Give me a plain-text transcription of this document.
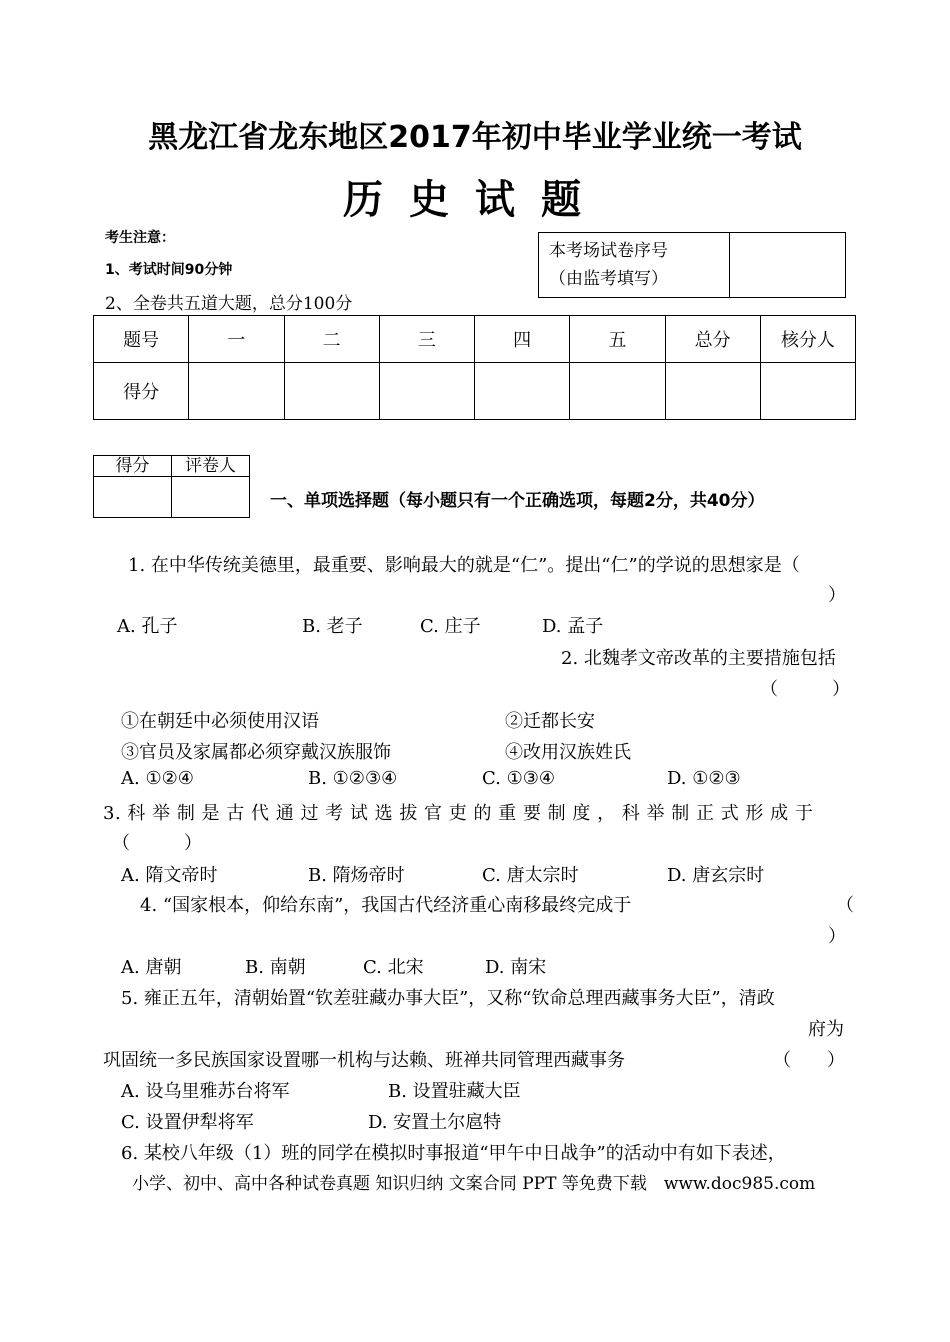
黑龙江省龙东地区2017年初中毕业学业统一考试
历史试题
考生注意：
1、考试时间90分钟
2、全卷共五道大题，总分100分
本考场试卷序号
（由监考填写）

题号	一	二	三	四	五	总分	核分人
得分							
得分	评卷人

一、单项选择题（每小题只有一个正确选项，每题2分，共40分）
1. 在中华传统美德里，最重要、影响最大的就是“仁”。提出“仁”的学说的思想家是（
）
A. 孔子	B. 老子	C. 庄子	D. 孟子
2. 北魏孝文帝改革的主要措施包括
（　　　）
①在朝廷中必须使用汉语	②迁都长安
③官员及家属都必须穿戴汉族服饰	④改用汉族姓氏
A. ①②④	B. ①②③④	C. ①③④	D. ①②③
3. 科 举 制 是 古 代 通 过 考 试 选 拔 官 吏 的 重 要 制 度 ， 科 举 制 正 式 形 成 于
（　　　）
A. 隋文帝时	B. 隋炀帝时	C. 唐太宗时	D. 唐玄宗时
4. “国家根本，仰给东南”，我国古代经济重心南移最终完成于	（
）
A. 唐朝	B. 南朝	C. 北宋	D. 南宋
5. 雍正五年，清朝始置“钦差驻藏办事大臣”，又称“钦命总理西藏事务大臣”，清政
府为
巩固统一多民族国家设置哪一机构与达赖、班禅共同管理西藏事务	（　　）
A. 设乌里雅苏台将军	B. 设置驻藏大臣
C. 设置伊犁将军	D. 安置土尔扈特
6. 某校八年级（1）班的同学在模拟时事报道“甲午中日战争”的活动中有如下表述，
小学、初中、高中各种试卷真题 知识归纳 文案合同 PPT 等免费下载　www.doc985.com
